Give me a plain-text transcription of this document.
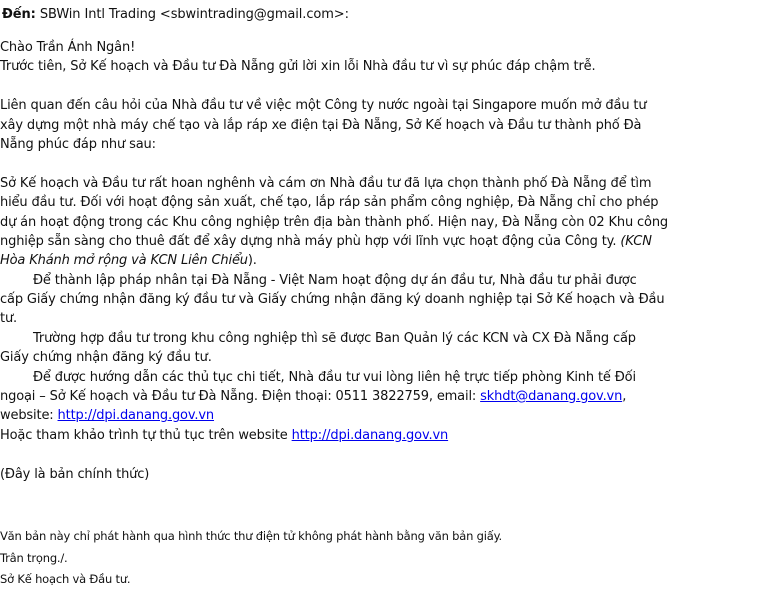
Đến: SBWin Intl Trading <sbwintrading@gmail.com>:
Chào Trần Ánh Ngân!
Trước tiên, Sở Kế hoạch và Đầu tư Đà Nẵng gửi lời xin lỗi Nhà đầu tư vì sự phúc đáp chậm trễ.
Liên quan đến câu hỏi của Nhà đầu tư về việc một Công ty nước ngoài tại Singapore muốn mở đầu tư
xây dựng một nhà máy chế tạo và lắp ráp xe điện tại Đà Nẵng, Sở Kế hoạch và Đầu tư thành phố Đà
Nẵng phúc đáp như sau:
Sở Kế hoạch và Đầu tư rất hoan nghênh và cám ơn Nhà đầu tư đã lựa chọn thành phố Đà Nẵng để tìm
hiểu đầu tư. Đối với hoạt động sản xuất, chế tạo, lắp ráp sản phẩm công nghiệp, Đà Nẵng chỉ cho phép
dự án hoạt động trong các Khu công nghiệp trên địa bàn thành phố. Hiện nay, Đà Nẵng còn 02 Khu công
nghiệp sẵn sàng cho thuê đất để xây dựng nhà máy phù hợp với lĩnh vực hoạt động của Công ty. (KCN
Hòa Khánh mở rộng và KCN Liên Chiểu).
Để thành lập pháp nhân tại Đà Nẵng - Việt Nam hoạt động dự án đầu tư, Nhà đầu tư phải được
cấp Giấy chứng nhận đăng ký đầu tư và Giấy chứng nhận đăng ký doanh nghiệp tại Sở Kế hoạch và Đầu
tư.
Trường hợp đầu tư trong khu công nghiệp thì sẽ được Ban Quản lý các KCN và CX Đà Nẵng cấp
Giấy chứng nhận đăng ký đầu tư.
Để được hướng dẫn các thủ tục chi tiết, Nhà đầu tư vui lòng liên hệ trực tiếp phòng Kinh tế Đối
ngoại – Sở Kế hoạch và Đầu tư Đà Nẵng. Điện thoại: 0511 3822759, email: skhdt@danang.gov.vn,
website: http://dpi.danang.gov.vn
Hoặc tham khảo trình tự thủ tục trên website http://dpi.danang.gov.vn
(Đây là bản chính thức)
Văn bản này chỉ phát hành qua hình thức thư điện tử không phát hành bằng văn bản giấy.
Trân trọng./.
Sở Kế hoạch và Đầu tư.
